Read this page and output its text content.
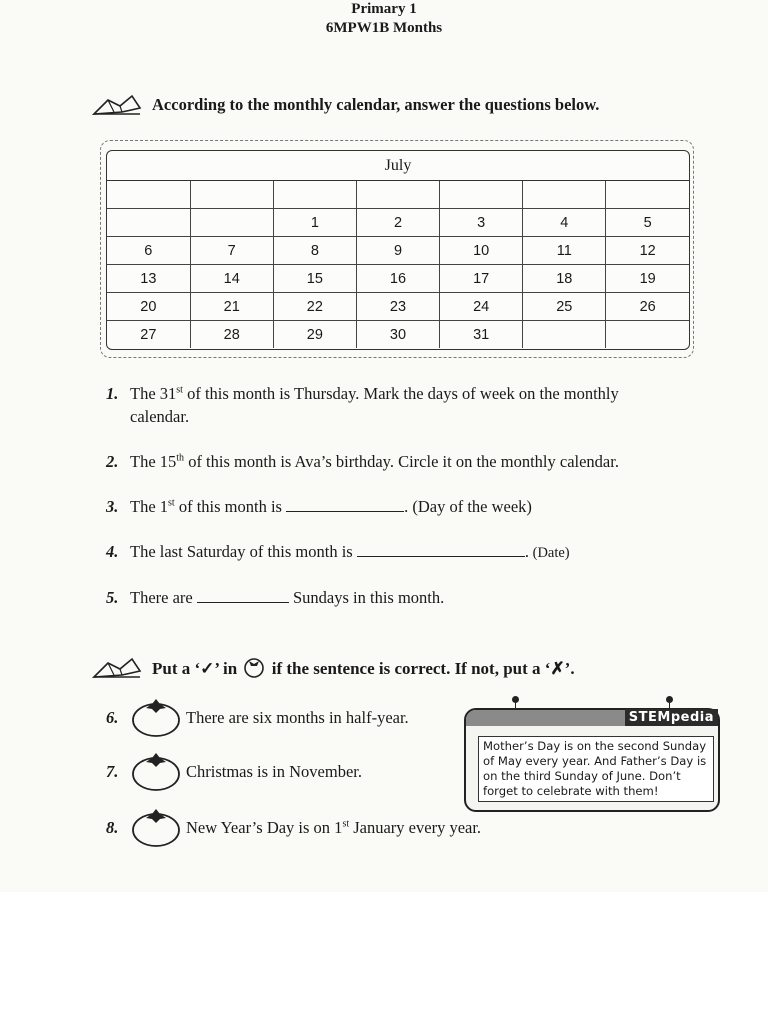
Primary 1
6MPW1B Months
According to the monthly calendar, answer the questions below.
July

		1	2	3	4	5
6	7	8	9	10	11	12
13	14	15	16	17	18	19
20	21	22	23	24	25	26
27	28	29	30	31		
1. The 31st of this month is Thursday. Mark the days of week on the monthly
calendar.
2. The 15th of this month is Ava’s birthday. Circle it on the monthly calendar.
3. The 1st of this month is	. (Day of the week)
4. The last Saturday of this month is	. (Date)
5. There are	Sundays in this month.
Put a ‘✓’ in  if the sentence is correct. If not, put a ‘✗’.
6.	There are six months in half-year.
7.	Christmas is in November.
8.	New Year’s Day is on 1st January every year.
STEMpedia
Mother’s Day is on the second Sunday of May every year. And Father’s Day is on the third Sunday of June. Don’t forget to celebrate with them!
